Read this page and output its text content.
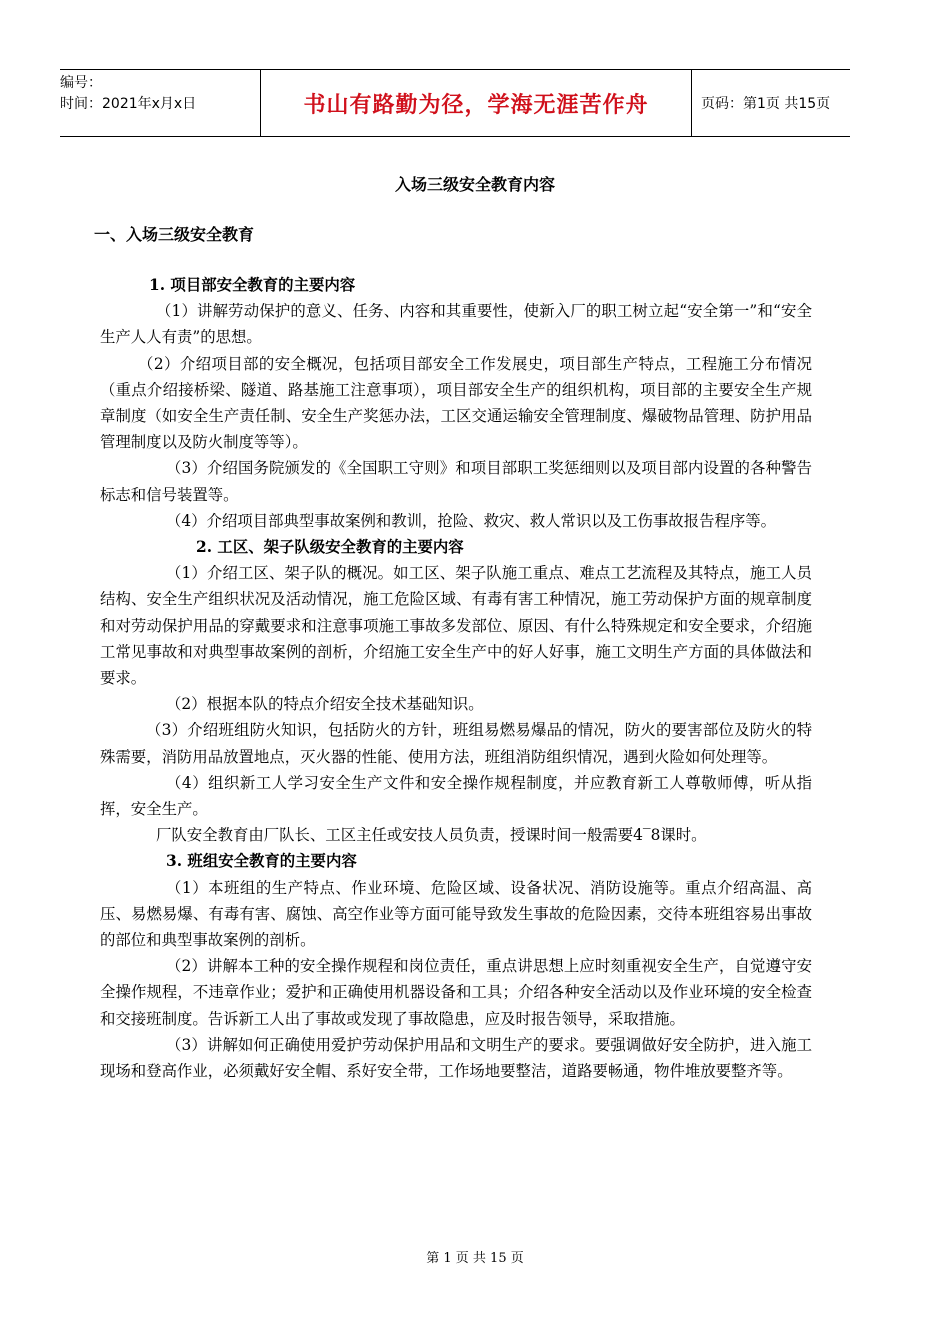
编号：
时间：2021年x月x日	书山有路勤为径，学海无涯苦作舟	页码：第1页 共15页
入场三级安全教育内容
一、入场三级安全教育

1. 项目部安全教育的主要内容

（1）讲解劳动保护的意义、任务、内容和其重要性，使新入厂的职工树立起“安全第一”和“安全生产人人有责”的思想。

（2）介绍项目部的安全概况，包括项目部安全工作发展史，项目部生产特点，工程施工分布情况（重点介绍接桥梁、隧道、路基施工注意事项），项目部安全生产的组织机构，项目部的主要安全生产规章制度（如安全生产责任制、安全生产奖惩办法，工区交通运输安全管理制度、爆破物品管理、防护用品管理制度以及防火制度等等）。

（3）介绍国务院颁发的《全国职工守则》和项目部职工奖惩细则以及项目部内设置的各种警告标志和信号装置等。

（4）介绍项目部典型事故案例和教训，抢险、救灾、救人常识以及工伤事故报告程序等。

2. 工区、架子队级安全教育的主要内容

（1）介绍工区、架子队的概况。如工区、架子队施工重点、难点工艺流程及其特点，施工人员结构、安全生产组织状况及活动情况，施工危险区域、有毒有害工种情况，施工劳动保护方面的规章制度和对劳动保护用品的穿戴要求和注意事项施工事故多发部位、原因、有什么特殊规定和安全要求，介绍施工常见事故和对典型事故案例的剖析，介绍施工安全生产中的好人好事，施工文明生产方面的具体做法和要求。

（2）根据本队的特点介绍安全技术基础知识。

（3）介绍班组防火知识，包括防火的方针，班组易燃易爆品的情况，防火的要害部位及防火的特殊需要，消防用品放置地点，灭火器的性能、使用方法，班组消防组织情况，遇到火险如何处理等。

（4）组织新工人学习安全生产文件和安全操作规程制度，并应教育新工人尊敬师傅，听从指挥，安全生产。

厂队安全教育由厂队长、工区主任或安技人员负责，授课时间一般需要4‾8课时。

3. 班组安全教育的主要内容

（1）本班组的生产特点、作业环境、危险区域、设备状况、消防设施等。重点介绍高温、高压、易燃易爆、有毒有害、腐蚀、高空作业等方面可能导致发生事故的危险因素，交待本班组容易出事故的部位和典型事故案例的剖析。

（2）讲解本工种的安全操作规程和岗位责任，重点讲思想上应时刻重视安全生产，自觉遵守安全操作规程，不违章作业；爱护和正确使用机器设备和工具；介绍各种安全活动以及作业环境的安全检查和交接班制度。告诉新工人出了事故或发现了事故隐患，应及时报告领导，采取措施。

（3）讲解如何正确使用爱护劳动保护用品和文明生产的要求。要强调做好安全防护，进入施工现场和登高作业，必须戴好安全帽、系好安全带，工作场地要整洁，道路要畅通，物件堆放要整齐等。

第 1 页 共 15 页
